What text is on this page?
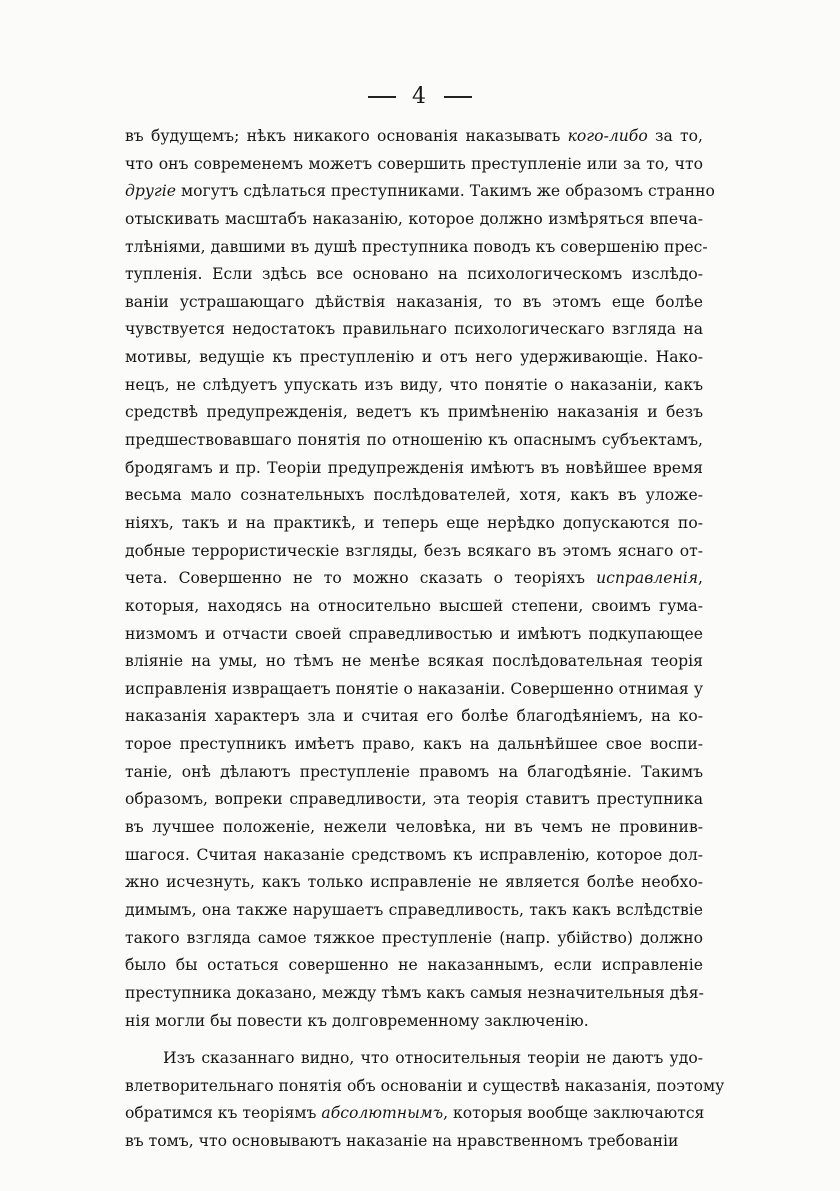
4
въ будущемъ; нѣкъ никакого основанія наказывать кого-либо за то,
что онъ современемъ можетъ совершить преступленіе или за то, что
другіе могутъ сдѣлаться преступниками. Такимъ же образомъ странно
отыскивать масштабъ наказанію, которое должно измѣряться впеча-
тлѣніями, давшими въ душѣ преступника поводъ къ совершенію прес-
тупленія. Если здѣсь все основано на психологическомъ изслѣдо-
ваніи устрашающаго дѣйствія наказанія, то въ этомъ еще болѣе
чувствуется недостатокъ правильнаго психологическаго взгляда на
мотивы, ведущіе къ преступленію и отъ него удерживающіе. Нако-
нецъ, не слѣдуетъ упускать изъ виду, что понятіе о наказаніи, какъ
средствѣ предупрежденія, ведетъ къ примѣненію наказанія и безъ
предшествовавшаго понятія по отношенію къ опаснымъ субъектамъ,
бродягамъ и пр. Теоріи предупрежденія имѣютъ въ новѣйшее время
весьма мало сознательныхъ послѣдователей, хотя, какъ въ уложе-
ніяхъ, такъ и на практикѣ, и теперь еще нерѣдко допускаются по-
добные террористическіе взгляды, безъ всякаго въ этомъ яснаго от-
чета. Совершенно не то можно сказать о теоріяхъ исправленія,
которыя, находясь на относительно высшей степени, своимъ гума-
низмомъ и отчасти своей справедливостью и имѣютъ подкупающее
вліяніе на умы, но тѣмъ не менѣе всякая послѣдовательная теорія
исправленія извращаетъ понятіе о наказаніи. Совершенно отнимая у
наказанія характеръ зла и считая его болѣе благодѣяніемъ, на ко-
торое преступникъ имѣетъ право, какъ на дальнѣйшее свое воспи-
таніе, онѣ дѣлаютъ преступленіе правомъ на благодѣяніе. Такимъ
образомъ, вопреки справедливости, эта теорія ставитъ преступника
въ лучшее положеніе, нежели человѣка, ни въ чемъ не провинив-
шагося. Считая наказаніе средствомъ къ исправленію, которое дол-
жно исчезнуть, какъ только исправленіе не является болѣе необхо-
димымъ, она также нарушаетъ справедливость, такъ какъ вслѣдствіе
такого взгляда самое тяжкое преступленіе (напр. убійство) должно
было бы остаться совершенно не наказаннымъ, если исправленіе
преступника доказано, между тѣмъ какъ самыя незначительныя дѣя-
нія могли бы повести къ долговременному заключенію.
Изъ сказаннаго видно, что относительныя теоріи не даютъ удо-
влетворительнаго понятія объ основаніи и существѣ наказанія, поэтому
обратимся къ теоріямъ абсолютнымъ, которыя вообще заключаются
въ томъ, что основываютъ наказаніе на нравственномъ требованіи
